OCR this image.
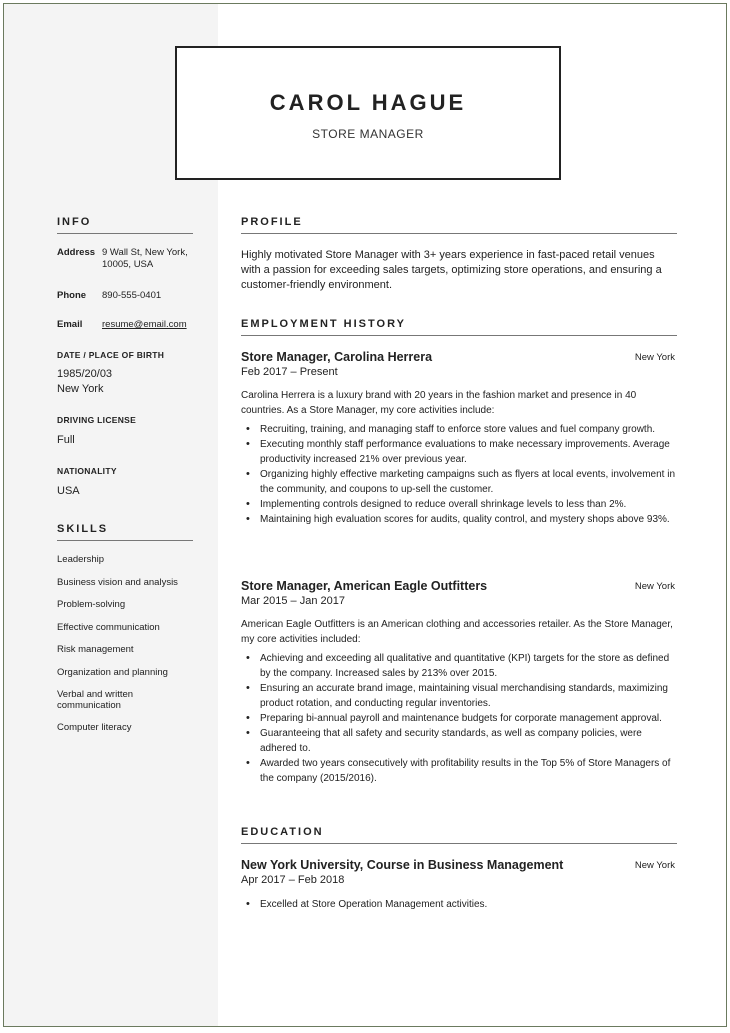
CAROL HAGUE
STORE MANAGER
INFO
Address 9 Wall St, New York, 10005, USA
Phone 890-555-0401
Email resume@email.com
DATE / PLACE OF BIRTH
1985/20/03
New York
DRIVING LICENSE
Full
NATIONALITY
USA
SKILLS
Leadership
Business vision and analysis
Problem-solving
Effective communication
Risk management
Organization and planning
Verbal and written communication
Computer literacy
PROFILE
Highly motivated Store Manager with 3+ years experience in fast-paced retail venues with a passion for exceeding sales targets, optimizing store operations, and ensuring a customer-friendly environment.
EMPLOYMENT HISTORY
Store Manager, Carolina Herrera	New York
Feb 2017 – Present
Carolina Herrera is a luxury brand with 20 years in the fashion market and presence in 40 countries. As a Store Manager, my core activities include:
• Recruiting, training, and managing staff to enforce store values and fuel company growth.
• Executing monthly staff performance evaluations to make necessary improvements. Average productivity increased 21% over previous year.
• Organizing highly effective marketing campaigns such as flyers at local events, involvement in the community, and coupons to up-sell the customer.
• Implementing controls designed to reduce overall shrinkage levels to less than 2%.
• Maintaining high evaluation scores for audits, quality control, and mystery shops above 93%.
Store Manager, American Eagle Outfitters	New York
Mar 2015 – Jan 2017
American Eagle Outfitters is an American clothing and accessories retailer. As the Store Manager, my core activities included:
• Achieving and exceeding all qualitative and quantitative (KPI) targets for the store as defined by the company. Increased sales by 213% over 2015.
• Ensuring an accurate brand image, maintaining visual merchandising standards, maximizing product rotation, and conducting regular inventories.
• Preparing bi-annual payroll and maintenance budgets for corporate management approval.
• Guaranteeing that all safety and security standards, as well as company policies, were adhered to.
• Awarded two years consecutively with profitability results in the Top 5% of Store Managers of the company (2015/2016).
EDUCATION
New York University, Course in Business Management	New York
Apr 2017 – Feb 2018
• Excelled at Store Operation Management activities.
